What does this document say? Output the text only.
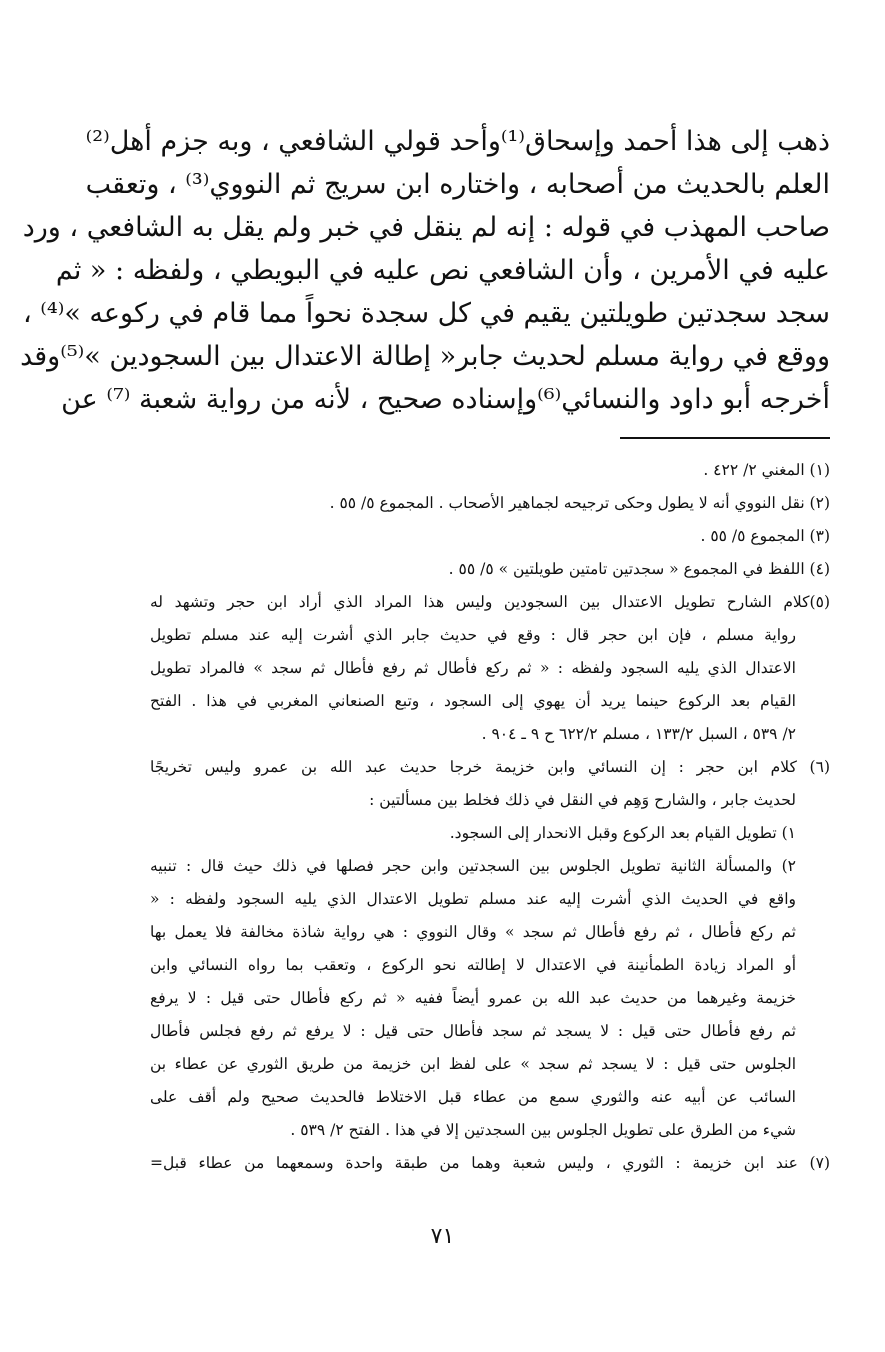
ذهب إلى هذا أحمد وإسحاق⁽¹⁾وأحد قولي الشافعي ، وبه جزم أهل⁽²⁾
العلم بالحديث من أصحابه ، واختاره ابن سريج ثم النووي⁽³⁾ ، وتعقب
صاحب المهذب في قوله : إنه لم ينقل في خبر ولم يقل به الشافعي ، ورد
عليه في الأمرين ، وأن الشافعي نص عليه في البويطي ، ولفظه : « ثم
سجد سجدتين طويلتين يقيم في كل سجدة نحواً مما قام في ركوعه »⁽⁴⁾ ،
ووقع في رواية مسلم لحديث جابر« إطالة الاعتدال بين السجودين »⁽⁵⁾وقد
أخرجه أبو داود والنسائي⁽⁶⁾وإسناده صحيح ، لأنه من رواية شعبة ⁽⁷⁾ عن
(١) المغني ٢/ ٤٢٢ .
(٢) نقل النووي أنه لا يطول وحكى ترجيحه لجماهير الأصحاب . المجموع ٥/ ٥٥ .
(٣) المجموع ٥/ ٥٥ .
(٤) اللفظ في المجموع « سجدتين تامتين طويلتين » ٥/ ٥٥ .
(٥)كلام الشارح تطويل الاعتدال بين السجودين وليس هذا المراد الذي أراد ابن حجر وتشهد له
رواية مسلم ، فإن ابن حجر قال : وقع في حديث جابر الذي أشرت إليه عند مسلم تطويل
الاعتدال الذي يليه السجود ولفظه : « ثم ركع فأطال ثم رفع فأطال ثم سجد » فالمراد تطويل
القيام بعد الركوع حينما يريد أن يهوي إلى السجود ، وتبع الصنعاني المغربي في هذا . الفتح
٢/ ٥٣٩ ، السبل ١٣٣/٢ ، مسلم ٦٢٢/٢ ح ٩ ـ ٩٠٤ .
(٦) كلام ابن حجر : إن النسائي وابن خزيمة خرجا حديث عبد الله بن عمرو وليس تخريجًا
لحديث جابر ، والشارح وَهِم في النقل في ذلك فخلط بين مسألتين :
١) تطويل القيام بعد الركوع وقبل الانحدار إلى السجود.
٢) والمسألة الثانية تطويل الجلوس بين السجدتين وابن حجر فصلها في ذلك حيث قال : تنبيه
واقع في الحديث الذي أشرت إليه عند مسلم تطويل الاعتدال الذي يليه السجود ولفظه : «
ثم ركع فأطال ، ثم رفع فأطال ثم سجد » وقال النووي : هي رواية شاذة مخالفة فلا يعمل بها
أو المراد زيادة الطمأنينة في الاعتدال لا إطالته نحو الركوع ، وتعقب بما رواه النسائي وابن
خزيمة وغيرهما من حديث عبد الله بن عمرو أيضاً ففيه « ثم ركع فأطال حتى قيل : لا يرفع
ثم رفع فأطال حتى قيل : لا يسجد ثم سجد فأطال حتى قيل : لا يرفع ثم رفع فجلس فأطال
الجلوس حتى قيل : لا يسجد ثم سجد » على لفظ ابن خزيمة من طريق الثوري عن عطاء بن
السائب عن أبيه عنه والثوري سمع من عطاء قبل الاختلاط فالحديث صحيح ولم أقف على
شيء من الطرق على تطويل الجلوس بين السجدتين إلا في هذا . الفتح ٢/ ٥٣٩ .
(٧) عند ابن خزيمة : الثوري ، وليس شعبة وهما من طبقة واحدة وسمعهما من عطاء قبل=
٧١
